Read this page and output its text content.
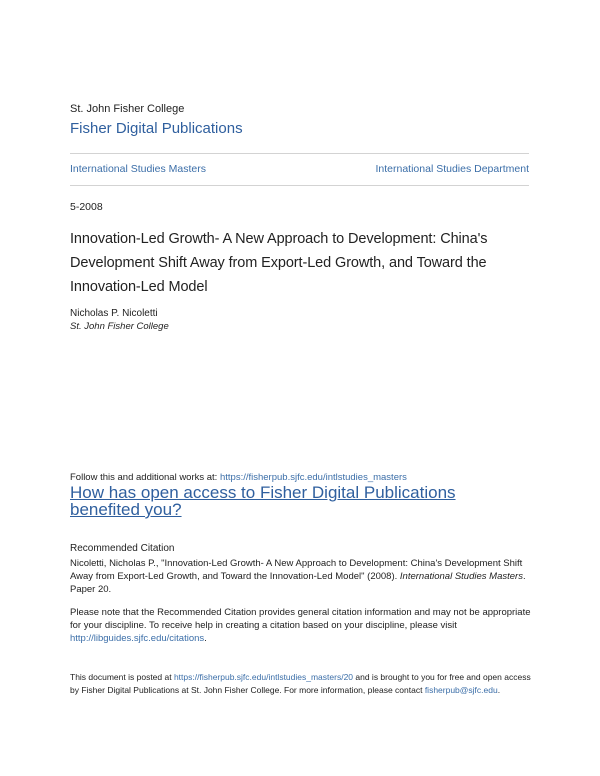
St. John Fisher College
Fisher Digital Publications
International Studies Masters	International Studies Department
5-2008
Innovation-Led Growth- A New Approach to Development: China's Development Shift Away from Export-Led Growth, and Toward the Innovation-Led Model
Nicholas P. Nicoletti
St. John Fisher College
Follow this and additional works at: https://fisherpub.sjfc.edu/intlstudies_masters
How has open access to Fisher Digital Publications benefited you?
Recommended Citation
Nicoletti, Nicholas P., "Innovation-Led Growth- A New Approach to Development: China's Development Shift Away from Export-Led Growth, and Toward the Innovation-Led Model" (2008). International Studies Masters. Paper 20.
Please note that the Recommended Citation provides general citation information and may not be appropriate for your discipline. To receive help in creating a citation based on your discipline, please visit http://libguides.sjfc.edu/citations.
This document is posted at https://fisherpub.sjfc.edu/intlstudies_masters/20 and is brought to you for free and open access by Fisher Digital Publications at St. John Fisher College. For more information, please contact fisherpub@sjfc.edu.
